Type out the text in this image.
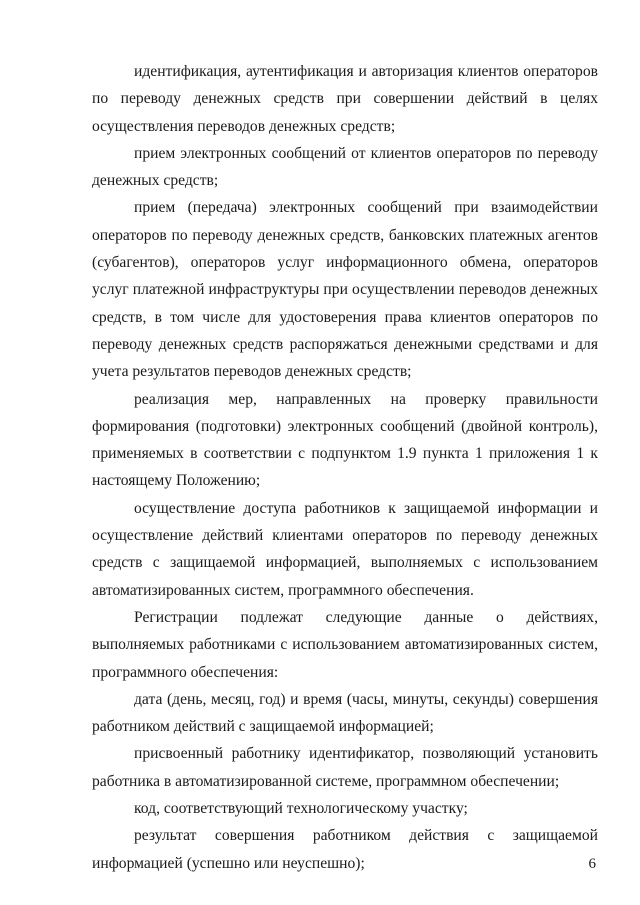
идентификация, аутентификация и авторизация клиентов операторов по переводу денежных средств при совершении действий в целях осуществления переводов денежных средств;

прием электронных сообщений от клиентов операторов по переводу денежных средств;

прием (передача) электронных сообщений при взаимодействии операторов по переводу денежных средств, банковских платежных агентов (субагентов), операторов услуг информационного обмена, операторов услуг платежной инфраструктуры при осуществлении переводов денежных средств, в том числе для удостоверения права клиентов операторов по переводу денежных средств распоряжаться денежными средствами и для учета результатов переводов денежных средств;

реализация мер, направленных на проверку правильности формирования (подготовки) электронных сообщений (двойной контроль), применяемых в соответствии с подпунктом 1.9 пункта 1 приложения 1 к настоящему Положению;

осуществление доступа работников к защищаемой информации и осуществление действий клиентами операторов по переводу денежных средств с защищаемой информацией, выполняемых с использованием автоматизированных систем, программного обеспечения.

Регистрации подлежат следующие данные о действиях, выполняемых работниками с использованием автоматизированных систем, программного обеспечения:

дата (день, месяц, год) и время (часы, минуты, секунды) совершения работником действий с защищаемой информацией;

присвоенный работнику идентификатор, позволяющий установить работника в автоматизированной системе, программном обеспечении;

код, соответствующий технологическому участку;

результат совершения работником действия с защищаемой информацией (успешно или неуспешно);	6
